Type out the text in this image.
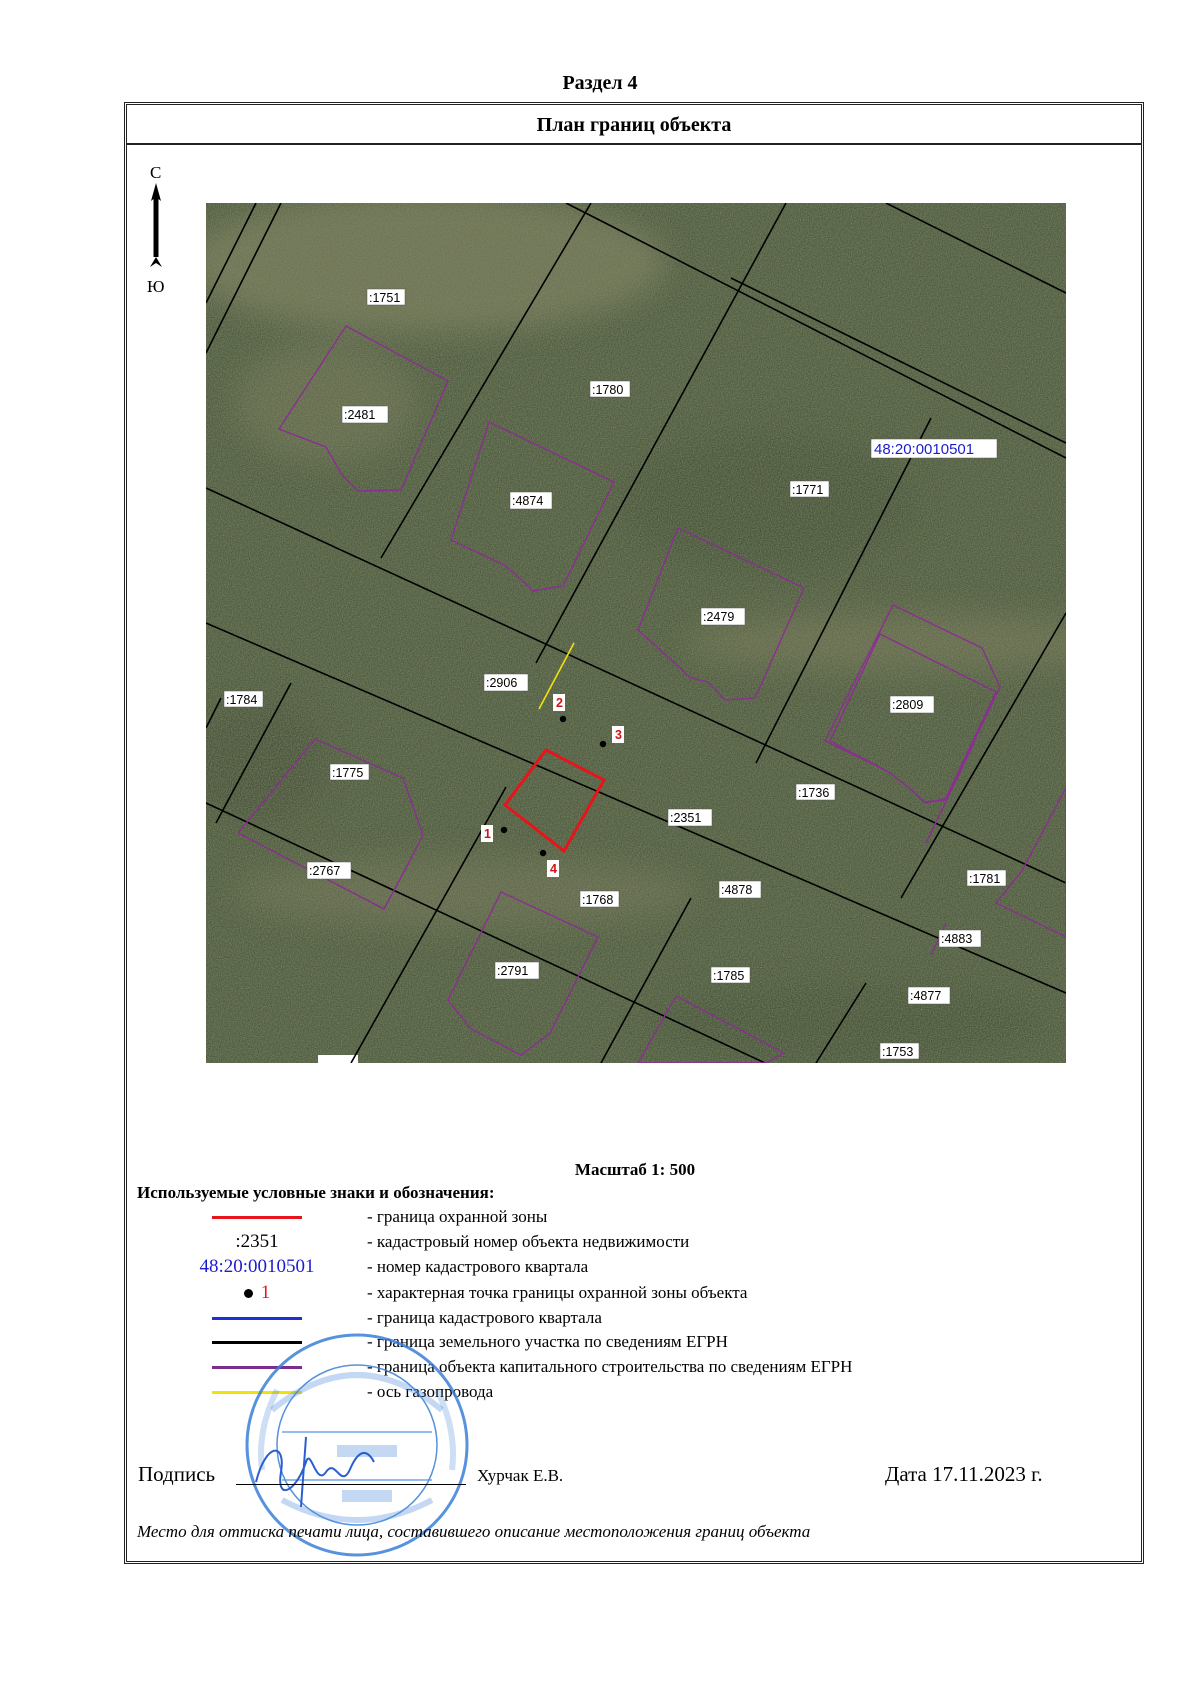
Раздел 4
План границ объекта
С
Ю
1
2
3
4
:1751
:2481
:1780
:4874
:1771
:2479
:1784
:2906
:2809
:1775
:1736
:2351
:2767
:1768
:4878
:1781
:4883
:2791	:1785
:4877
:1753
48:20:0010501
Масштаб 1: 500
Используемые условные знаки и обозначения:
- граница охранной зоны
:2351	- кадастровый номер объекта недвижимости
48:20:0010501	- номер кадастрового квартала
1	- характерная точка границы охранной зоны объекта
- граница кадастрового квартала
- граница земельного участка по сведениям ЕГРН
- граница объекта капитального строительства по сведениям ЕГРН
- ось газопровода
Подпись	Хурчак Е.В.	Дата 17.11.2023 г.
Место для оттиска печати лица, составившего описание местоположения границ объекта
